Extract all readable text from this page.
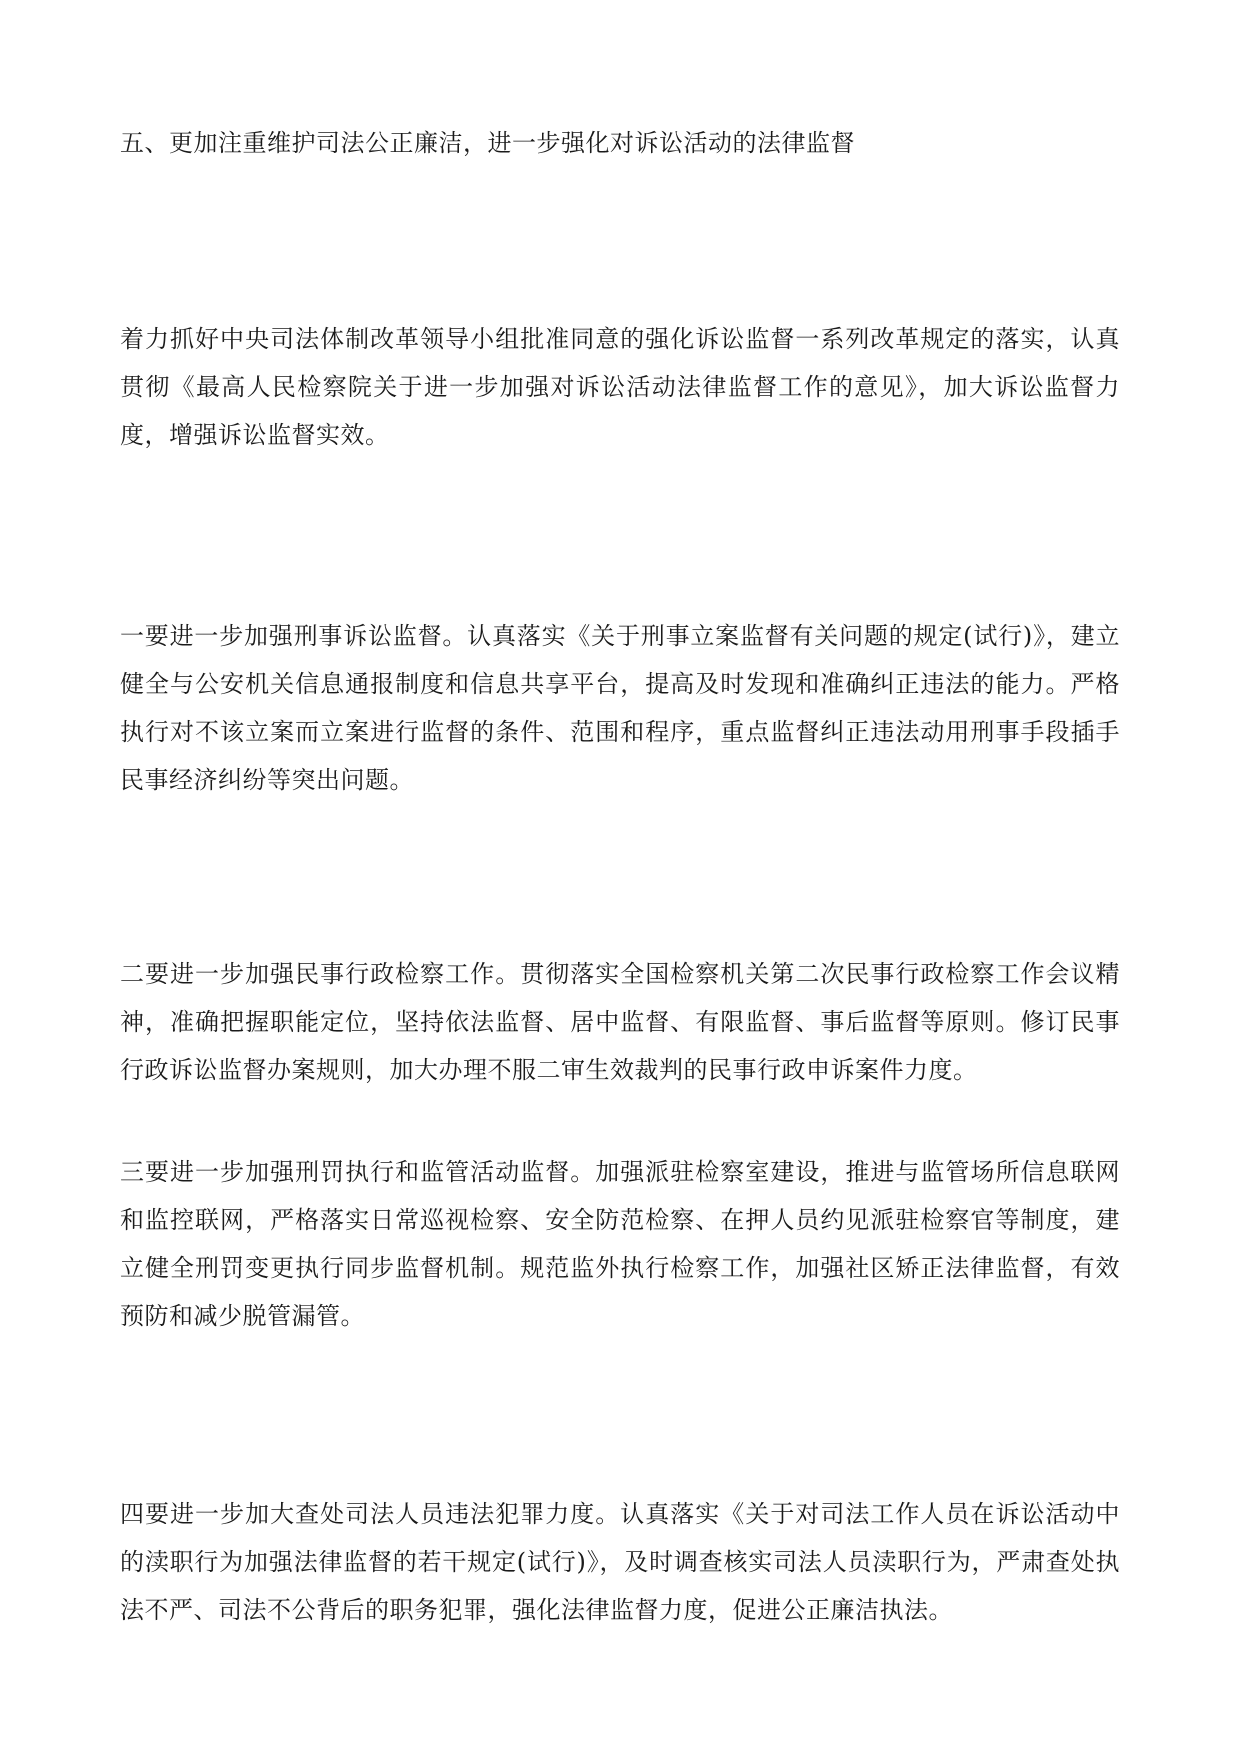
五、更加注重维护司法公正廉洁，进一步强化对诉讼活动的法律监督

着力抓好中央司法体制改革领导小组批准同意的强化诉讼监督一系列改革规定的落实，认真贯彻《最高人民检察院关于进一步加强对诉讼活动法律监督工作的意见》，加大诉讼监督力度，增强诉讼监督实效。

一要进一步加强刑事诉讼监督。认真落实《关于刑事立案监督有关问题的规定(试行)》，建立健全与公安机关信息通报制度和信息共享平台，提高及时发现和准确纠正违法的能力。严格执行对不该立案而立案进行监督的条件、范围和程序，重点监督纠正违法动用刑事手段插手民事经济纠纷等突出问题。

二要进一步加强民事行政检察工作。贯彻落实全国检察机关第二次民事行政检察工作会议精神，准确把握职能定位，坚持依法监督、居中监督、有限监督、事后监督等原则。修订民事行政诉讼监督办案规则，加大办理不服二审生效裁判的民事行政申诉案件力度。

三要进一步加强刑罚执行和监管活动监督。加强派驻检察室建设，推进与监管场所信息联网和监控联网，严格落实日常巡视检察、安全防范检察、在押人员约见派驻检察官等制度，建立健全刑罚变更执行同步监督机制。规范监外执行检察工作，加强社区矫正法律监督，有效预防和减少脱管漏管。

四要进一步加大查处司法人员违法犯罪力度。认真落实《关于对司法工作人员在诉讼活动中的渎职行为加强法律监督的若干规定(试行)》，及时调查核实司法人员渎职行为，严肃查处执法不严、司法不公背后的职务犯罪，强化法律监督力度，促进公正廉洁执法。
